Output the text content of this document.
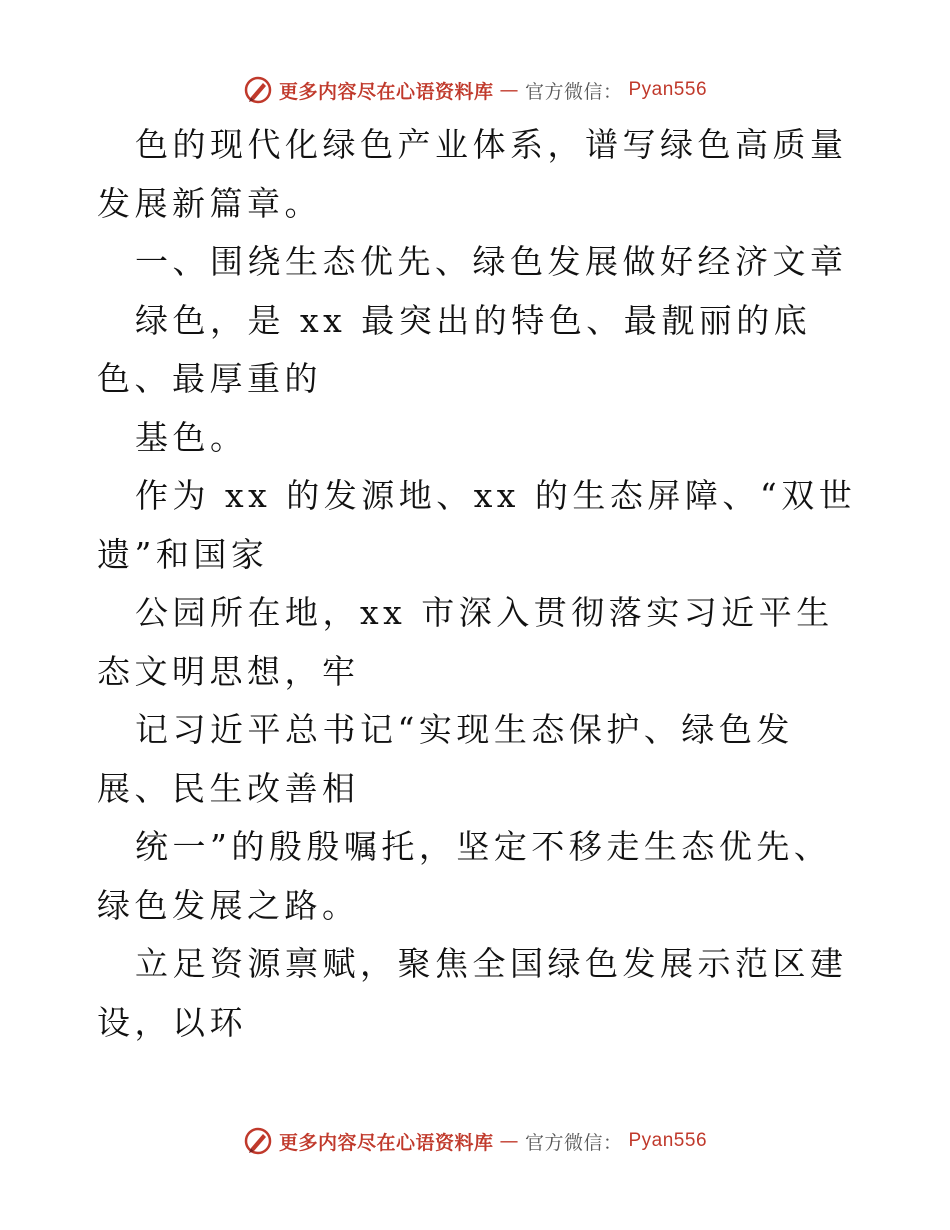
更多内容尽在心语资料库 — 官方微信： Pyan556

色的现代化绿色产业体系，谱写绿色高质量发展新篇章。

一、围绕生态优先、绿色发展做好经济文章

绿色，是 xx 最突出的特色、最靓丽的底色、最厚重的

基色。

作为 xx 的发源地、xx 的生态屏障、“双世遗”和国家

公园所在地，xx 市深入贯彻落实习近平生态文明思想，牢

记习近平总书记“实现生态保护、绿色发展、民生改善相

统一”的殷殷嘱托，坚定不移走生态优先、绿色发展之路。

立足资源禀赋，聚焦全国绿色发展示范区建设，以环

更多内容尽在心语资料库 — 官方微信： Pyan556
